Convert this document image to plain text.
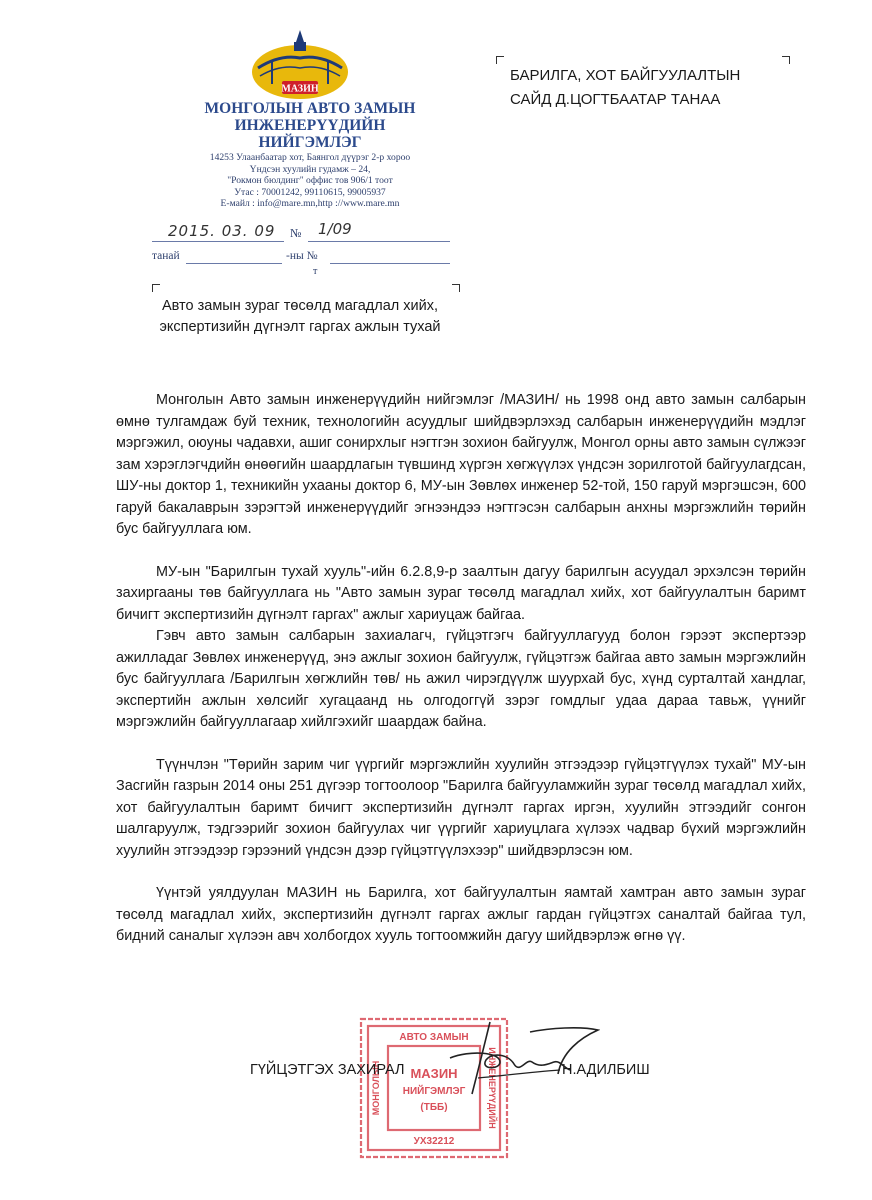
МАЗИН
МОНГОЛЫН АВТО ЗАМЫН
ИНЖЕНЕРҮҮДИЙН
НИЙГЭМЛЭГ
14253 Улаанбаатар хот, Баянгол дүүрэг 2-р хороо
Үндсэн хуулийн гудамж – 24,
"Рокмон бюлдинг" оффис тов 906/1 тоот
Утас : 70001242, 99110615, 99005937
E-майл : info@mare.mn,http ://www.mare.mn
2015. 03. 09 № 1/09
танай	-ны №
т
БАРИЛГА, ХОТ БАЙГУУЛАЛТЫН
САЙД Д.ЦОГТБААТАР ТАНАА
Авто замын зураг төсөлд магадлал хийх,
экспертизийн дүгнэлт гаргах ажлын тухай

Монголын Авто замын инженерүүдийн нийгэмлэг /МАЗИН/ нь 1998 онд авто замын салбарын өмнө тулгамдаж буй техник, технологийн асуудлыг шийдвэрлэхэд салбарын инженерүүдийн мэдлэг мэргэжил, оюуны чадавхи, ашиг сонирхлыг нэгтгэн зохион байгуулж, Монгол орны авто замын сүлжээг зам хэрэглэгчдийн өнөөгийн шаардлагын түвшинд хүргэн хөгжүүлэх үндсэн зорилготой байгуулагдсан, ШУ-ны доктор 1, техникийн ухааны доктор 6, МУ-ын Зөвлөх инженер 52-той, 150 гаруй мэргэшсэн, 600 гаруй бакалаврын зэрэгтэй инженерүүдийг эгнээндээ нэгтгэсэн салбарын анхны мэргэжлийн төрийн бус байгууллага юм.

МУ-ын "Барилгын тухай хууль"-ийн 6.2.8,9-р заалтын дагуу барилгын асуудал эрхэлсэн төрийн захиргааны төв байгууллага нь "Авто замын зураг төсөлд магадлал хийх, хот байгуулалтын баримт бичигт экспертизийн дүгнэлт гаргах" ажлыг хариуцаж байгаа.

Гэвч авто замын салбарын захиалагч, гүйцэтгэгч байгууллагууд болон гэрээт экспертээр ажилладаг Зөвлөх инженерүүд, энэ ажлыг зохион байгуулж, гүйцэтгэж байгаа авто замын мэргэжлийн бус байгууллага /Барилгын хөгжлийн төв/ нь ажил чирэгдүүлж шуурхай бус, хүнд сурталтай хандлаг, экспертийн ажлын хөлсийг хугацаанд нь олгодоггүй зэрэг гомдлыг удаа дараа тавьж, үүнийг мэргэжлийн байгууллагаар хийлгэхийг шаардаж байна.

Түүнчлэн "Төрийн зарим чиг үүргийг мэргэжлийн хуулийн этгээдээр гүйцэтгүүлэх тухай" МУ-ын Засгийн газрын 2014 оны 251 дүгээр тогтоолоор "Барилга байгууламжийн зураг төсөлд магадлал хийх, хот байгуулалтын баримт бичигт экспертизийн дүгнэлт гаргах иргэн, хуулийн этгээдийг сонгон шалгаруулж, тэдгээрийг зохион байгуулах чиг үүргийг хариуцлага хүлээх чадвар бүхий мэргэжлийн хуулийн этгээдээр гэрээний үндсэн дээр гүйцэтгүүлэхээр" шийдвэрлэсэн юм.

Үүнтэй уялдуулан МАЗИН нь Барилга, хот байгуулалтын яамтай хамтран авто замын зураг төсөлд магадлал хийх, экспертизийн дүгнэлт гаргах ажлыг гардан гүйцэтгэх саналтай байгаа тул, бидний саналыг хүлээн авч холбогдох хууль тогтоомжийн дагуу шийдвэрлэж өгнө үү.

АВТО ЗАМЫН
МОНГОЛЫН	ИНЖЕНЕРҮҮДИЙН
МАЗИН
НИЙГЭМЛЭГ
(ТББ)
УХ32212
ГҮЙЦЭТГЭХ ЗАХИРАЛ	Н.АДИЛБИШ
